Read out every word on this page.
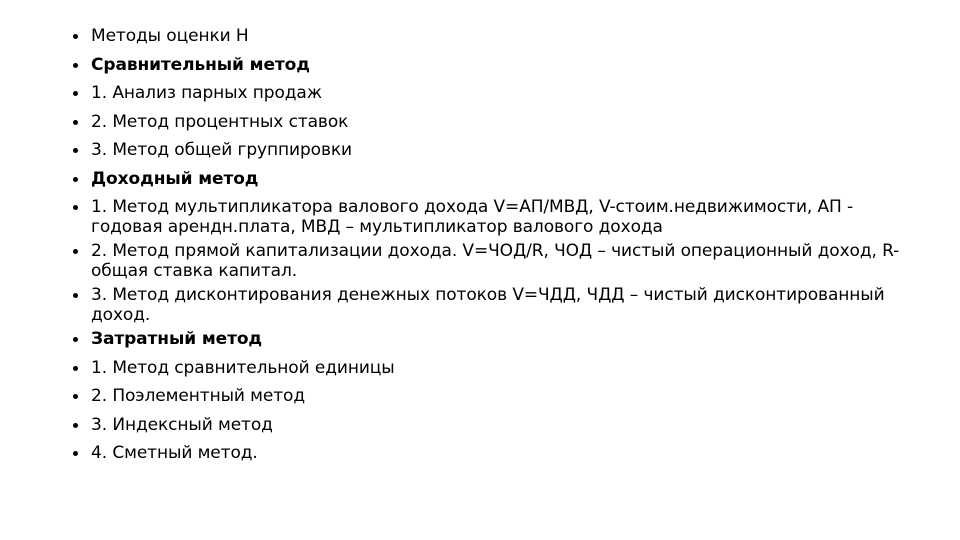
Методы оценки Н
Сравнительный метод
1. Анализ парных продаж
2. Метод процентных ставок
3. Метод общей группировки
Доходный метод
1. Метод мультипликатора валового дохода V=АП/МВД, V-стоим.недвижимости, АП - годовая арендн.плата, МВД – мультипликатор валового дохода
2. Метод прямой капитализации дохода. V=ЧОД/R, ЧОД – чистый операционный доход, R-общая ставка капитал.
3. Метод дисконтирования денежных потоков V=ЧДД, ЧДД – чистый дисконтированный доход.
Затратный метод
1. Метод сравнительной единицы
2. Поэлементный метод
3. Индексный метод
4. Сметный метод.
